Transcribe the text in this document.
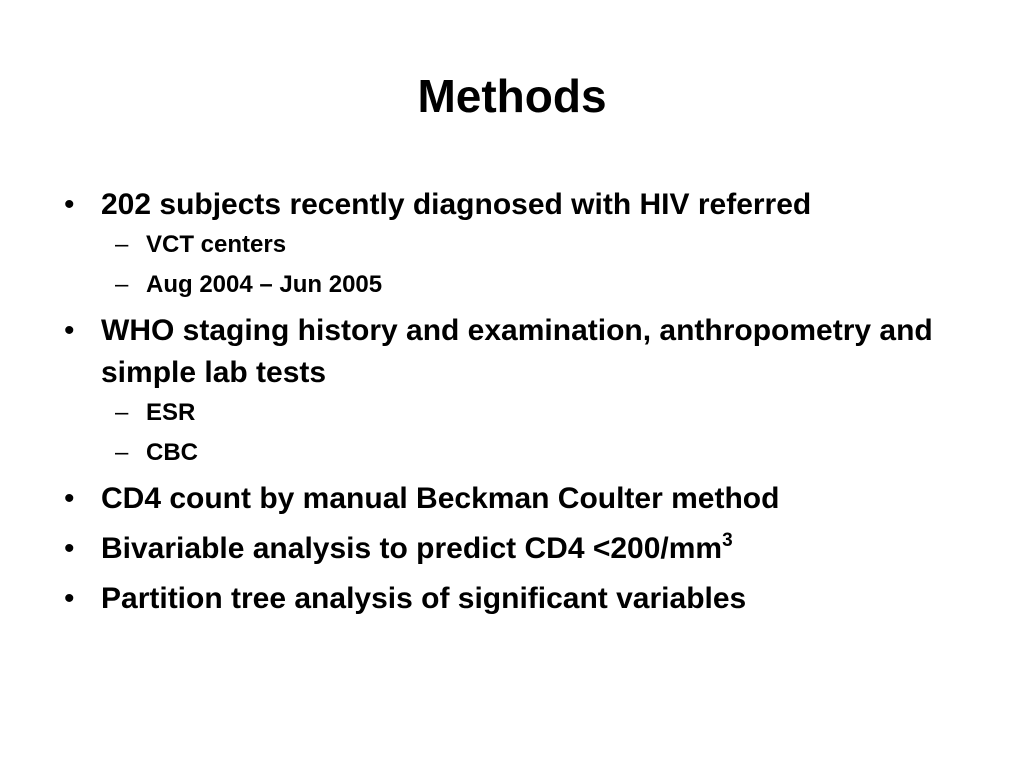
Methods
• 202 subjects recently diagnosed with HIV referred
– VCT centers
– Aug 2004 – Jun 2005
• WHO staging history and examination, anthropometry and simple lab tests
– ESR
– CBC
• CD4 count by manual Beckman Coulter method
• Bivariable analysis to predict $CD4 <200/mm^3$
• Partition tree analysis of significant variables
